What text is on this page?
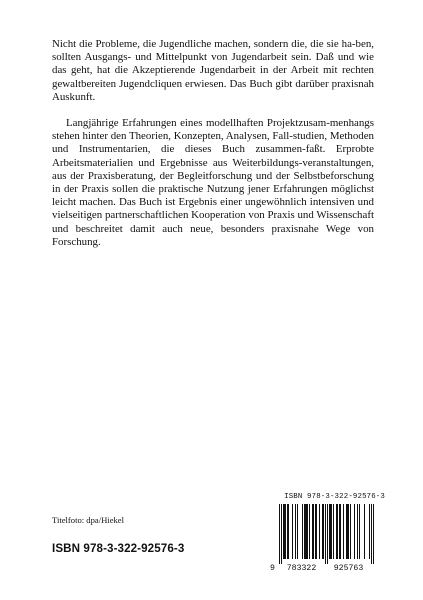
Nicht die Probleme, die Jugendliche machen, sondern die, die sie ha-ben, sollten Ausgangs- und Mittelpunkt von Jugendarbeit sein. Daß und wie das geht, hat die Akzeptierende Jugendarbeit in der Arbeit mit rechten gewaltbereiten Jugendcliquen erwiesen. Das Buch gibt darüber praxisnah Auskunft.

Langjährige Erfahrungen eines modellhaften Projektzusam-menhangs stehen hinter den Theorien, Konzepten, Analysen, Fall-studien, Methoden und Instrumentarien, die dieses Buch zusammen-faßt. Erprobte Arbeitsmaterialien und Ergebnisse aus Weiterbildungs-veranstaltungen, aus der Praxisberatung, der Begleitforschung und der Selbstbeforschung in der Praxis sollen die praktische Nutzung jener Erfahrungen möglichst leicht machen. Das Buch ist Ergebnis einer ungewöhnlich intensiven und vielseitigen partnerschaftlichen Kooperation von Praxis und Wissenschaft und beschreitet damit auch neue, besonders praxisnahe Wege von Forschung.

Titelfoto: dpa/Hiekel
ISBN 978-3-322-92576-3
ISBN 978-3-322-92576-3
9 783322 925763
